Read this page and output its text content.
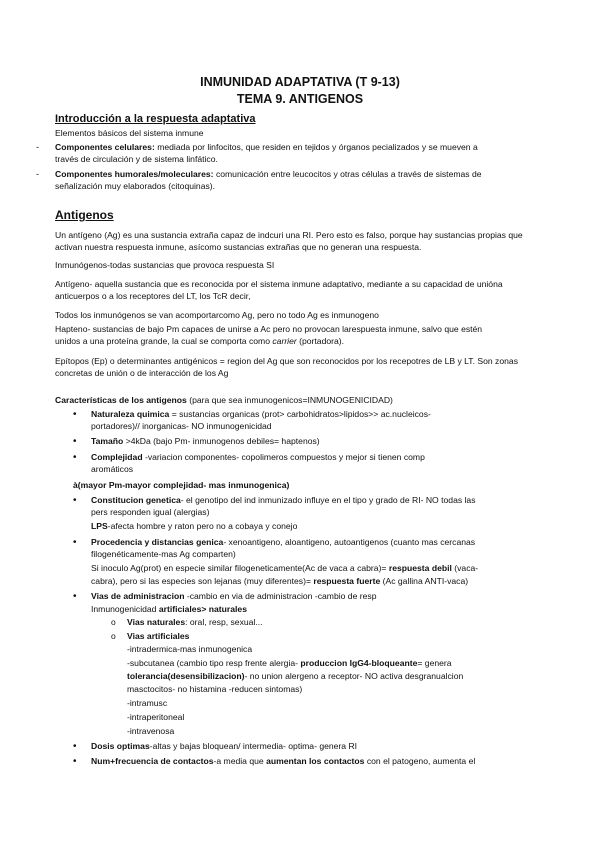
INMUNIDAD ADAPTATIVA (T 9-13)
TEMA 9. ANTIGENOS
Introducción a la respuesta adaptativa
Elementos básicos del sistema inmune
- Componentes celulares: mediada por linfocitos, que residen en tejidos y órganos pecializados y se mueven a
través de circulación y de sistema linfático.
- Componentes humorales/moleculares: comunicación entre leucocitos y otras células a través de sistemas de
señalización muy elaborados (citoquinas).
Antigenos
Un antígeno (Ag) es una sustancia extraña capaz de indcuri una RI. Pero esto es falso, porque hay sustancias propias que
activan nuestra respuesta inmune, asícomo sustancias extrañas que no generan una respuesta.
Inmunógenos-todas sustancias que provoca respuesta SI
Antígeno- aquella sustancia que es reconocida por el sistema inmune adaptativo, mediante a su capacidad de unióna
anticuerpos o a los receptores del LT, los TcR decir,
Todos los inmunógenos se van acomportarcomo Ag, pero no todo Ag es inmunogeno
Hapteno- sustancias de bajo Pm capaces de unirse a Ac pero no provocan larespuesta inmune, salvo que estén
unidos a una proteína grande, la cual se comporta como carrier (portadora).
Epítopos (Ep) o determinantes antigénicos = region del Ag que son reconocidos por los recepotres de LB y LT. Son zonas
concretas de unión o de interacción de los Ag
Características de los antigenos (para que sea inmunogenicos=INMUNOGENICIDAD)
• Naturaleza quimica = sustancias organicas (prot> carbohidratos>lipidos>> ac.nucleicos-
portadores)// inorganicas- NO inmunogenicidad
• Tamaño >4kDa (bajo Pm- inmunogenos debiles= haptenos)
• Complejidad -variacion componentes- copolimeros compuestos y mejor si tienen comp
aromáticos
à(mayor Pm-mayor complejidad- mas inmunogenica)
• Constitucion genetica- el genotipo del ind inmunizado influye en el tipo y grado de RI- NO todas las
pers responden igual (alergias)
LPS-afecta hombre y raton pero no a cobaya y conejo
• Procedencia y distancias genica- xenoantigeno, aloantigeno, autoantigenos (cuanto mas cercanas
filogenéticamente-mas Ag comparten)
Si inoculo Ag(prot) en especie similar filogeneticamente(Ac de vaca a cabra)= respuesta debil (vaca-
cabra), pero si las especies son lejanas (muy diferentes)= respuesta fuerte (Ac gallina ANTI-vaca)
• Vias de administracion -cambio en via de administracion -cambio de resp
Inmunogenicidad artificiales> naturales
o Vias naturales: oral, resp, sexual...
o Vias artificiales
-intradermica-mas inmunogenica
-subcutanea (cambio tipo resp frente alergia- produccion IgG4-bloqueante= genera
tolerancia(desensibilizacion)- no union alergeno a receptor- NO activa desgranualcion
masctocitos- no histamina -reducen sintomas)
-intramusc
-intraperitoneal
-intravenosa
• Dosis optimas-altas y bajas bloquean/ intermedia- optima- genera RI
• Num+frecuencia de contactos-a media que aumentan los contactos con el patogeno, aumenta el
